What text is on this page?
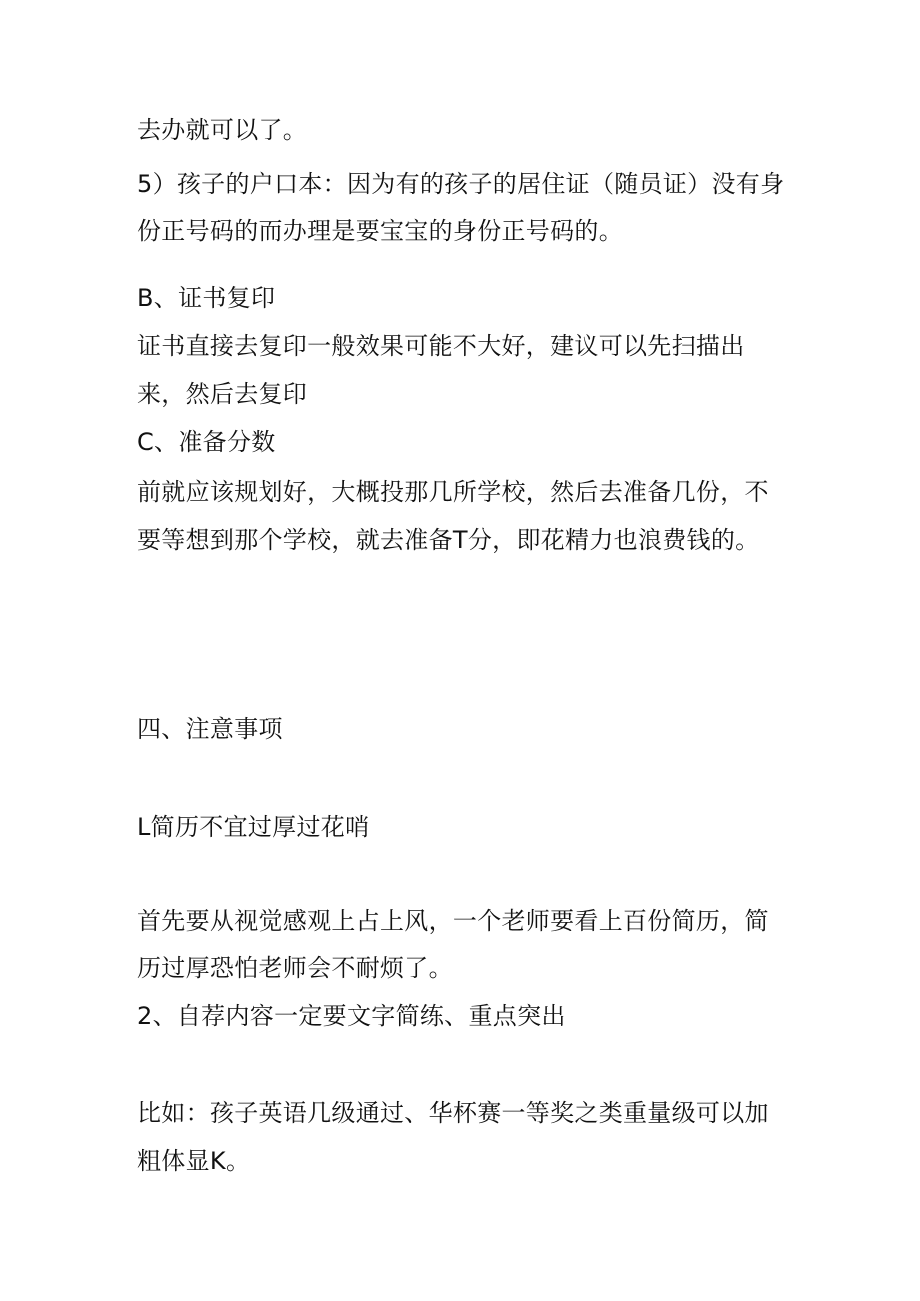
去办就可以了。
5）孩子的户口本：因为有的孩子的居住证（随员证）没有身
份正号码的而办理是要宝宝的身份正号码的。
B、证书复印
证书直接去复印一般效果可能不大好，建议可以先扫描出
来，然后去复印
C、准备分数
前就应该规划好，大概投那几所学校，然后去准备几份，不
要等想到那个学校，就去准备T分，即花精力也浪费钱的。
四、注意事项
L简历不宜过厚过花哨
首先要从视觉感观上占上风，一个老师要看上百份简历，简
历过厚恐怕老师会不耐烦了。
2、自荐内容一定要文字简练、重点突出
比如：孩子英语几级通过、华杯赛一等奖之类重量级可以加
粗体显K。
